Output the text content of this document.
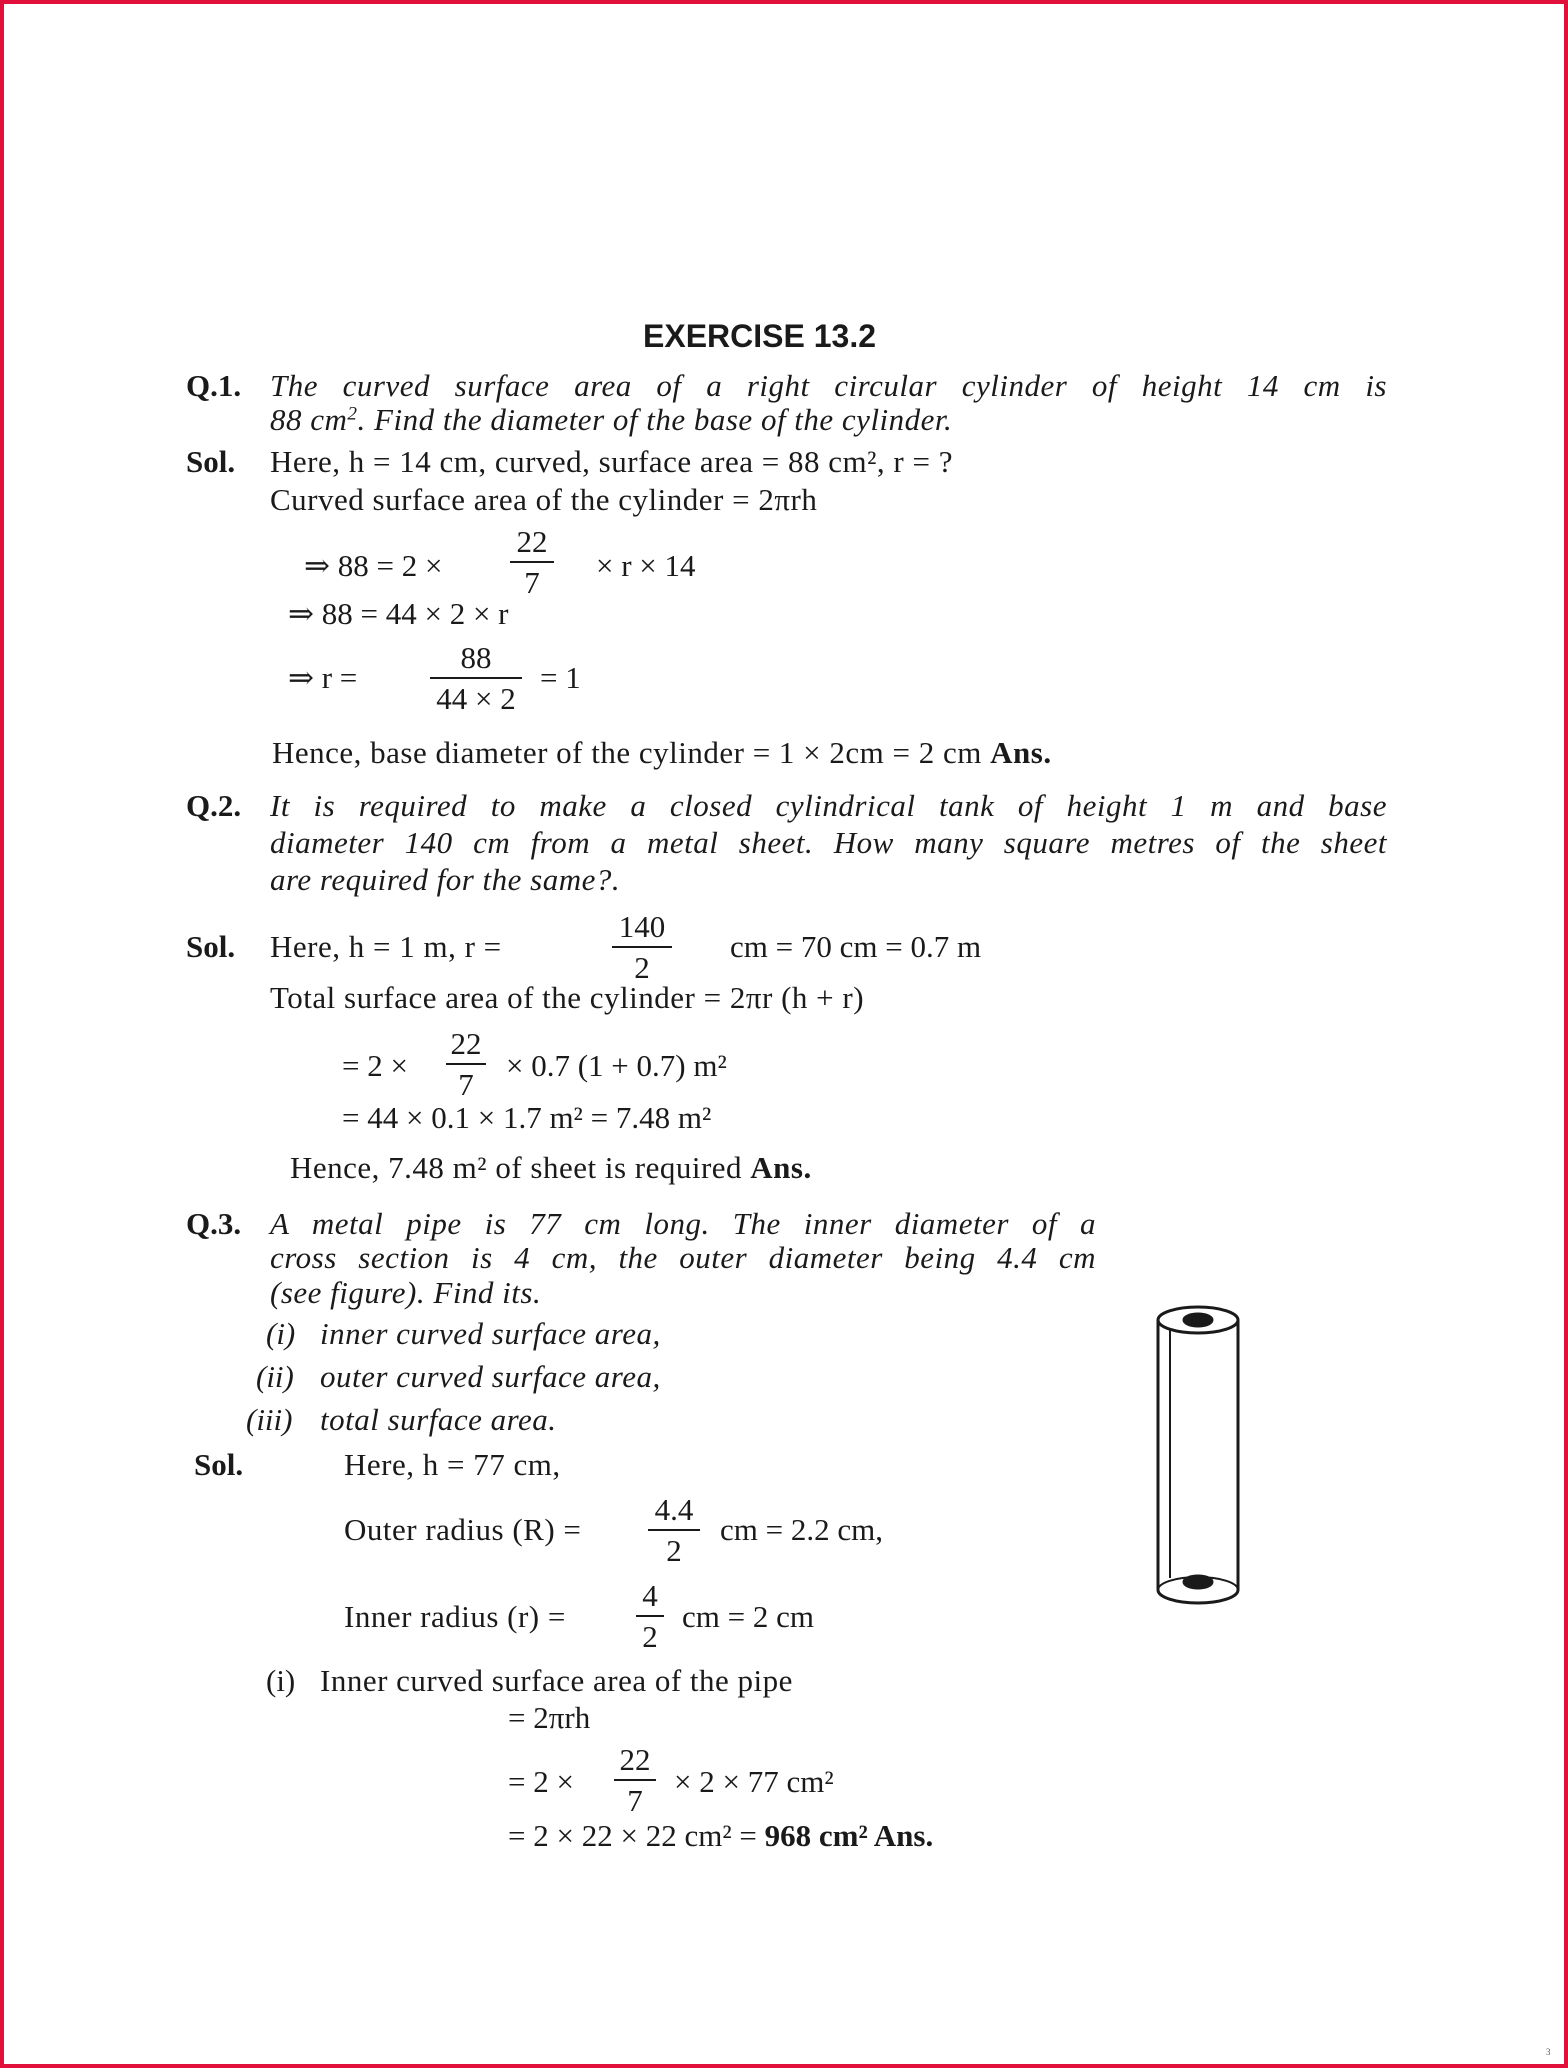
EXERCISE 13.2
Q.1. The curved surface area of a right circular cylinder of height 14 cm is
88 $cm^2$. Find the diameter of the base of the cylinder.
Sol. Here, h = 14 cm, curved, surface area = 88 cm², r = ?
Curved surface area of the cylinder = 2πrh
⇒ 88 = 2 ×
22
7	× r × 14
⇒ 88 = 44 × 2 × r
⇒ r =
88
44 × 2
= 1
Hence, base diameter of the cylinder = 1 × 2cm = 2 cm Ans.
Q.2. It is required to make a closed cylindrical tank of height 1 m and base
diameter 140 cm from a metal sheet. How many square metres of the sheet
are required for the same?.
Sol. Here, h = 1 m, r =
140
2
cm = 70 cm = 0.7 m
Total surface area of the cylinder = 2πr (h + r)
= 2 ×
22
7
× 0.7 (1 + 0.7) m²
= 44 × 0.1 × 1.7 m² = 7.48 m²
Hence, 7.48 m² of sheet is required Ans.
Q.3. A metal pipe is 77 cm long. The inner diameter of a
cross section is 4 cm, the outer diameter being 4.4 cm
(see figure). Find its.
(i) inner curved surface area,
(ii) outer curved surface area,
(iii) total surface area.
Sol.	Here, h = 77 cm,
Outer radius (R) =
4.4
2
cm = 2.2 cm,
Inner radius (r) =
4
2
cm = 2 cm
(i) Inner curved surface area of the pipe
= 2πrh
= 2 ×
22
7
× 2 × 77 cm²
= 2 × 22 × 22 cm² = 968 cm² Ans.
3
